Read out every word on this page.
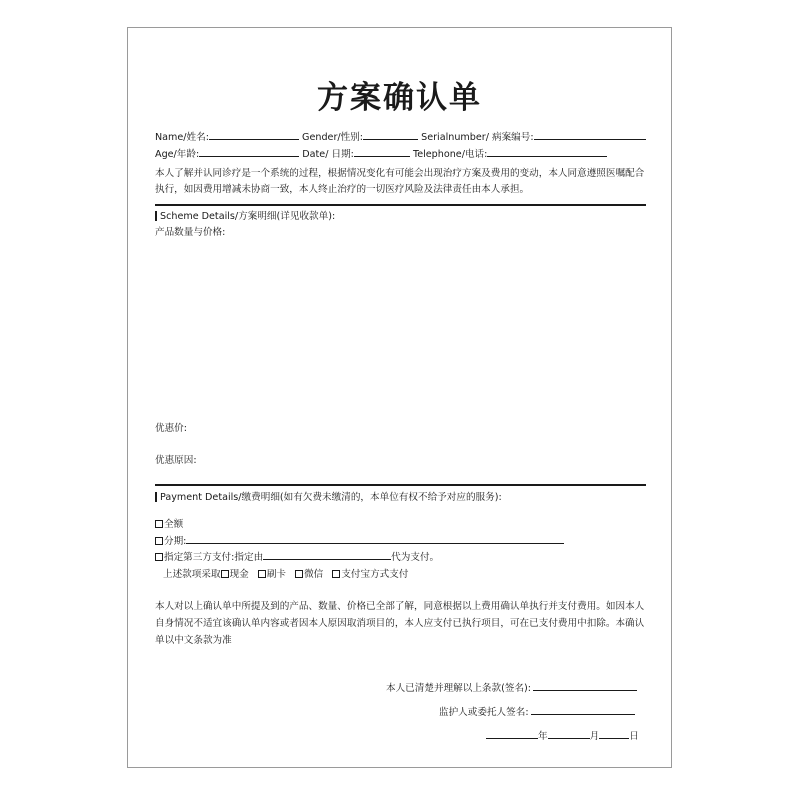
方案确认单
Name/姓名:	Gender/性别:	Serialnumber/ 病案编号:
Age/年龄:	Date/ 日期:	Telephone/电话:
本人了解并认同诊疗是一个系统的过程，根据情况变化有可能会出现治疗方案及费用的变动，本人同意遵照医嘱配合执行，如因费用增减未协商一致，本人终止治疗的一切医疗风险及法律责任由本人承担。
Scheme Details/方案明细(详见收款单):
产品数量与价格:
优惠价:
优惠原因:
Payment Details/缴费明细(如有欠费未缴清的，本单位有权不给予对应的服务):
全额
分期:
指定第三方支付:指定由	代为支付。
上述款项采取 现金 刷卡 微信 支付宝方式支付
本人对以上确认单中所提及到的产品、数量、价格已全部了解，同意根据以上费用确认单执行并支付费用。如因本人自身情况不适宜该确认单内容或者因本人原因取消项目的，本人应支付已执行项目，可在已支付费用中扣除。本确认单以中文条款为准
本人已清楚并理解以上条款(签名):
监护人或委托人签名:
年	月	日
